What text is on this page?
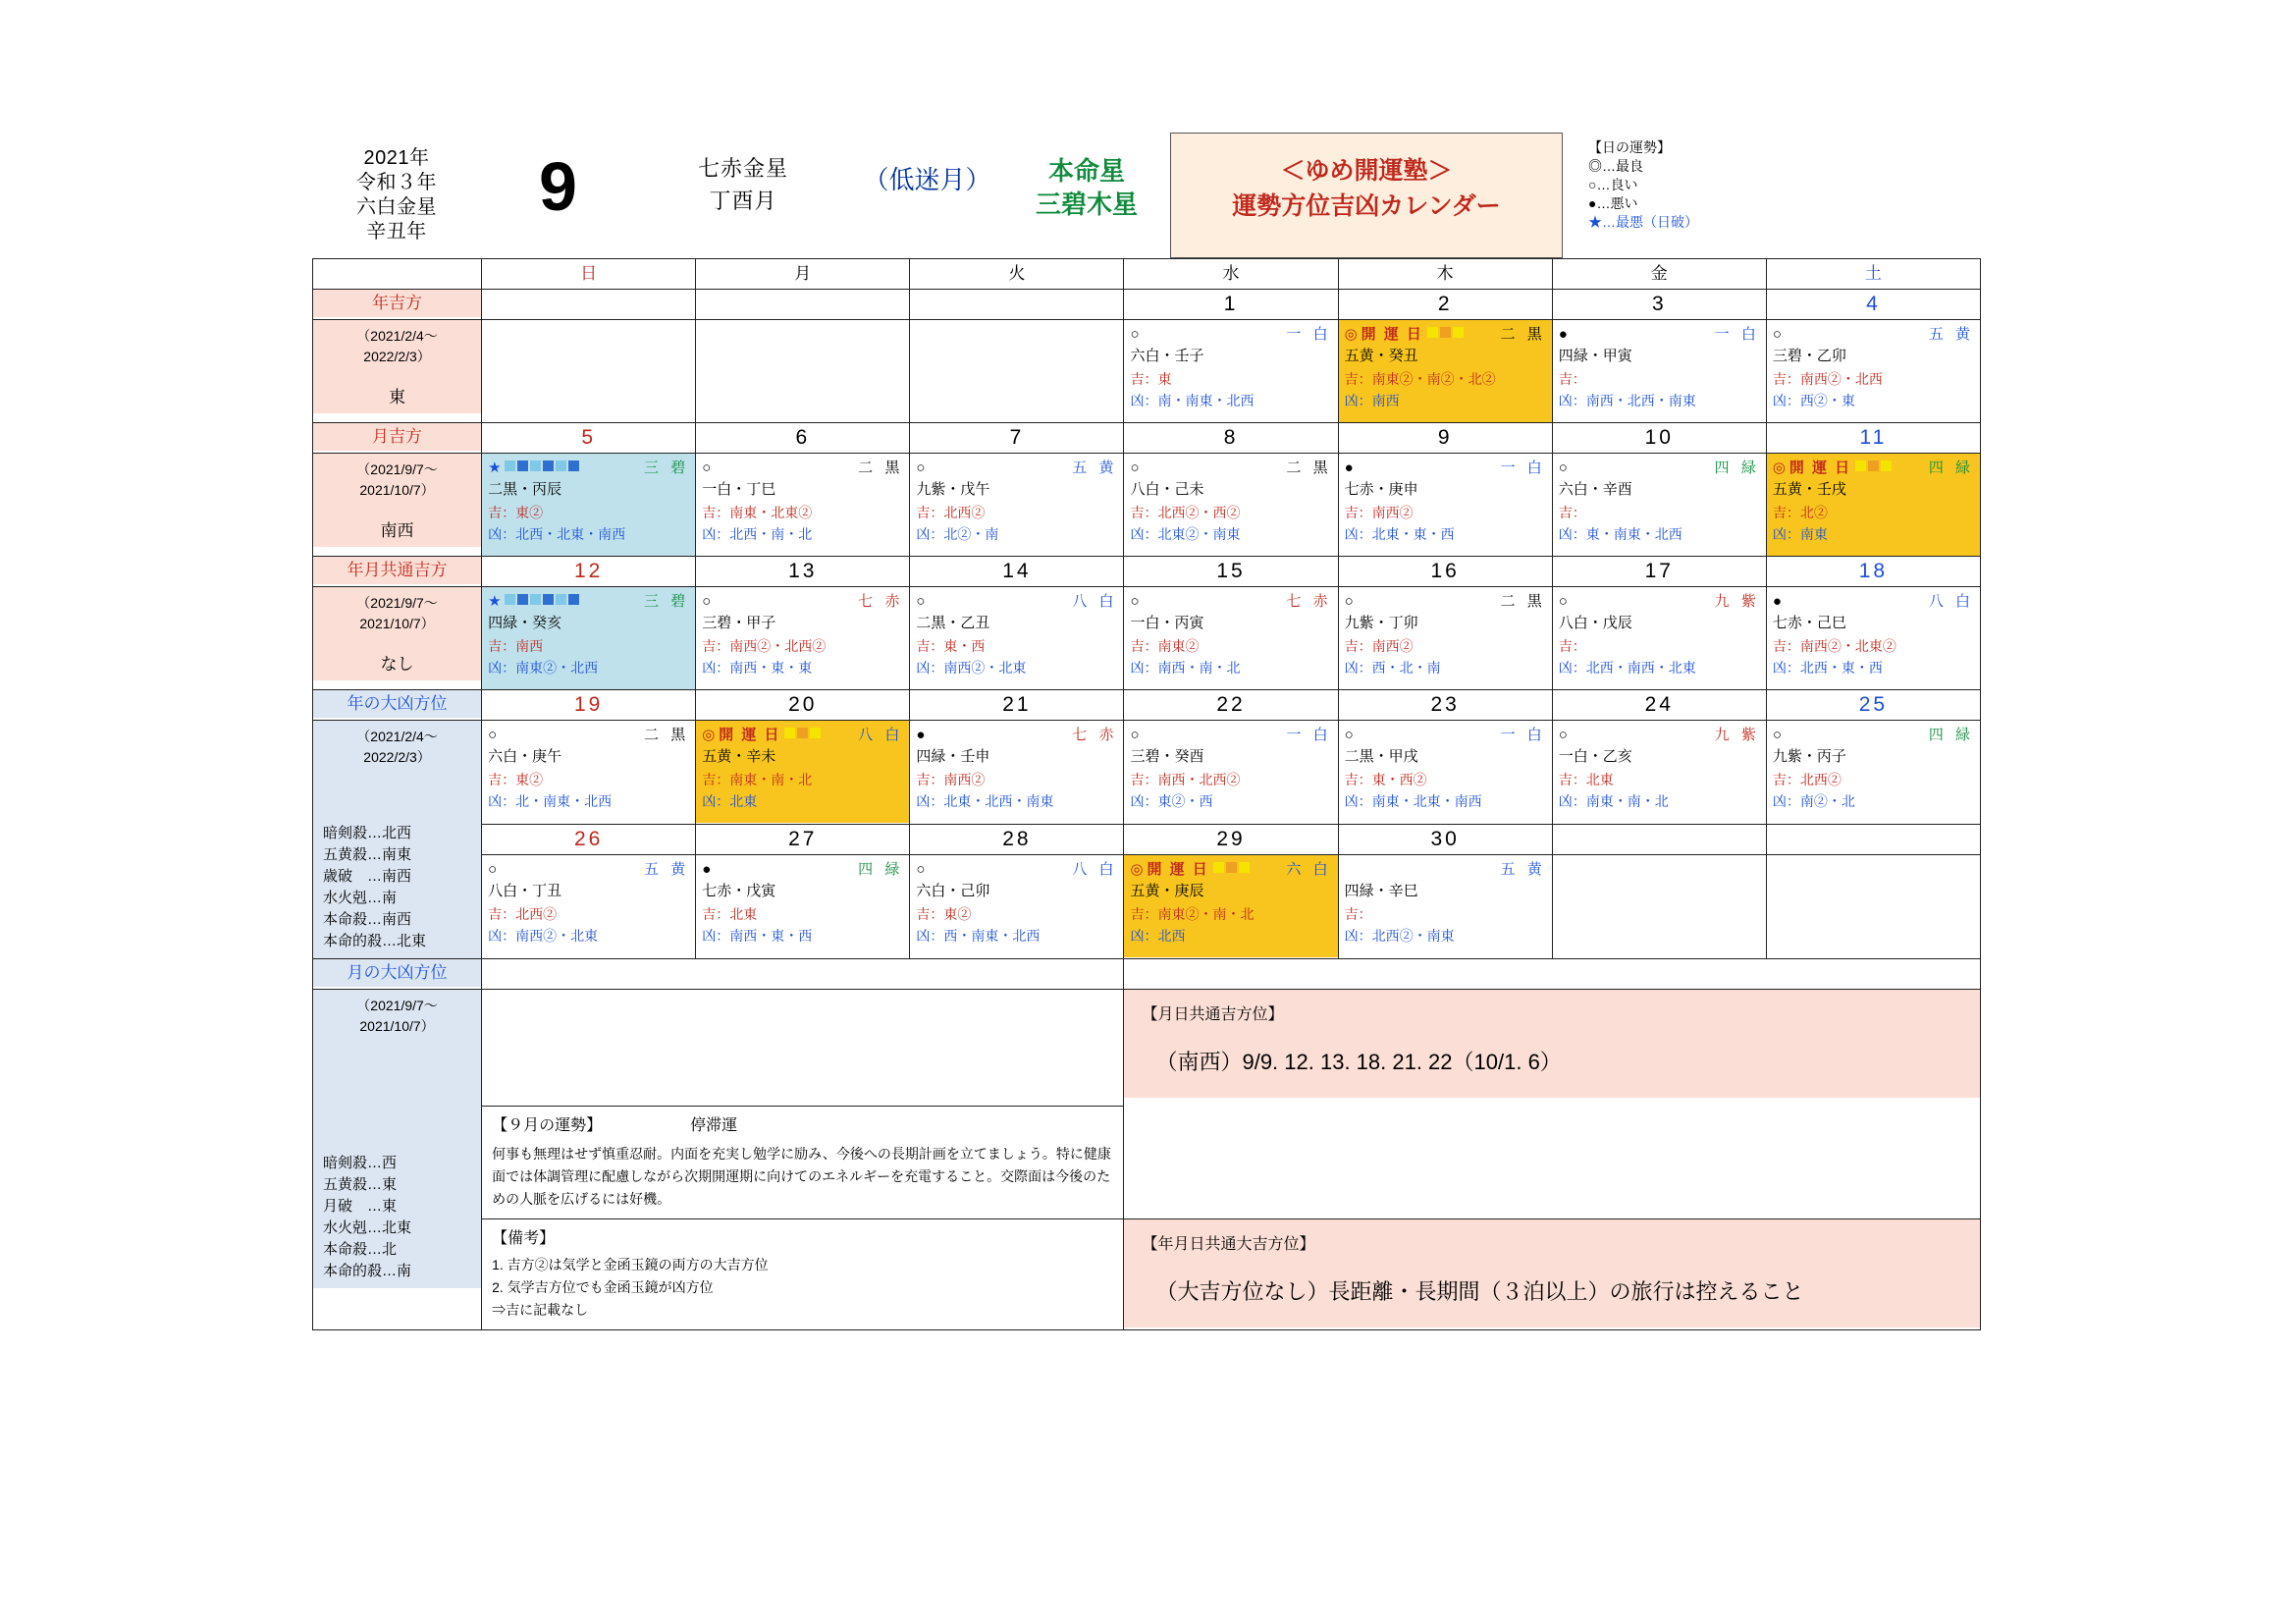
2021年
令和３年
六白金星
辛丑年
9	七赤金星
丁酉月
（低迷月）	本命星
三碧木星
＜ゆめ開運塾＞
運勢方位吉凶カレンダー
【日の運勢】
◎…最良
○…良い
●…悪い
★…最悪（日破）

	日	月	火	水	木	金	土

年吉方				1	2	3	4

（2021/2/4～
2022/2/3）
東

○	一 白
六白・壬子
吉：東
凶：南・南東・北西

◎ 開 運 日	二 黒
五黄・癸丑
吉：南東②・南②・北②
凶：南西

●	一 白
四緑・甲寅
吉：
凶：南西・北西・南東

○	五 黄
三碧・乙卯
吉：南西②・北西
凶：西②・東

月吉方	5	6	7	8	9	10	11

（2021/9/7～
2021/10/7）
南西

★	三 碧
二黒・丙辰
吉：東②
凶：北西・北東・南西

○	二 黒
一白・丁巳
吉：南東・北東②
凶：北西・南・北

○	五 黄
九紫・戊午
吉：北西②
凶：北②・南

○	二 黒
八白・己未
吉：北西②・西②
凶：北東②・南東

●	一 白
七赤・庚申
吉：南西②
凶：北東・東・西

○	四 緑
六白・辛酉
吉：
凶：東・南東・北西

◎ 開 運 日	四 緑
五黄・壬戌
吉：北②
凶：南東

年月共通吉方	12	13	14	15	16	17	18

（2021/9/7～
2021/10/7）
なし

★	三 碧
四緑・癸亥
吉：南西
凶：南東②・北西

○	七 赤
三碧・甲子
吉：南西②・北西②
凶：南西・東・東

○	八 白
二黒・乙丑
吉：東・西
凶：南西②・北東

○	七 赤
一白・丙寅
吉：南東②
凶：南西・南・北

○	二 黒
九紫・丁卯
吉：南西②
凶：西・北・南

○	九 紫
八白・戊辰
吉：
凶：北西・南西・北東

●	八 白
七赤・己巳
吉：南西②・北東②
凶：北西・東・西

年の大凶方位	19	20	21	22	23	24	25

（2021/2/4～
2022/2/3）
暗剣殺…北西
五黄殺…南東
歳破　…南西
水火剋…南
本命殺…南西
本命的殺…北東

○	二 黒
六白・庚午
吉：東②
凶：北・南東・北西

◎ 開 運 日	八 白
五黄・辛未
吉：南東・南・北
凶：北東

●	七 赤
四緑・壬申
吉：南西②
凶：北東・北西・南東

○	一 白
三碧・癸酉
吉：南西・北西②
凶：東②・西

○	一 白
二黒・甲戌
吉：東・西②
凶：南東・北東・南西

○	九 紫
一白・乙亥
吉：北東
凶：南東・南・北

○	四 緑
九紫・丙子
吉：北西②
凶：南②・北

	26	27	28	29	30		

○	五 黄
八白・丁丑
吉：北西②
凶：南西②・北東

●	四 緑
七赤・戊寅
吉：北東
凶：南西・東・西

○	八 白
六白・己卯
吉：東②
凶：西・南東・北西

◎ 開 運 日	六 白
五黄・庚辰
吉：南東②・南・北
凶：北西

五 黄
四緑・辛巳
吉：
凶：北西②・南東

月の大凶方位							

（2021/9/7～
2021/10/7）
暗剣殺…西
五黄殺…東
月破　…東
水火剋…北東
本命殺…北
本命的殺…南

【月日共通吉方位】
（南西）9/9. 12. 13. 18. 21. 22（10/1. 6）

	【９月の運勢】 停滞運
何事も無理はせず慎重忍耐。内面を充実し勉学に励み、今後への長期計画を立てましょう。特に健康面では体調管理に配慮しながら次期開運期に向けてのエネルギーを充電すること。交際面は今後のための人脈を広げるには好機。						

【備考】
1. 吉方②は気学と金函玉鏡の両方の大吉方位
2. 気学吉方位でも金函玉鏡が凶方位
⇒吉に記載なし

【年月日共通大吉方位】
（大吉方位なし）長距離・長期間（３泊以上）の旅行は控えること
